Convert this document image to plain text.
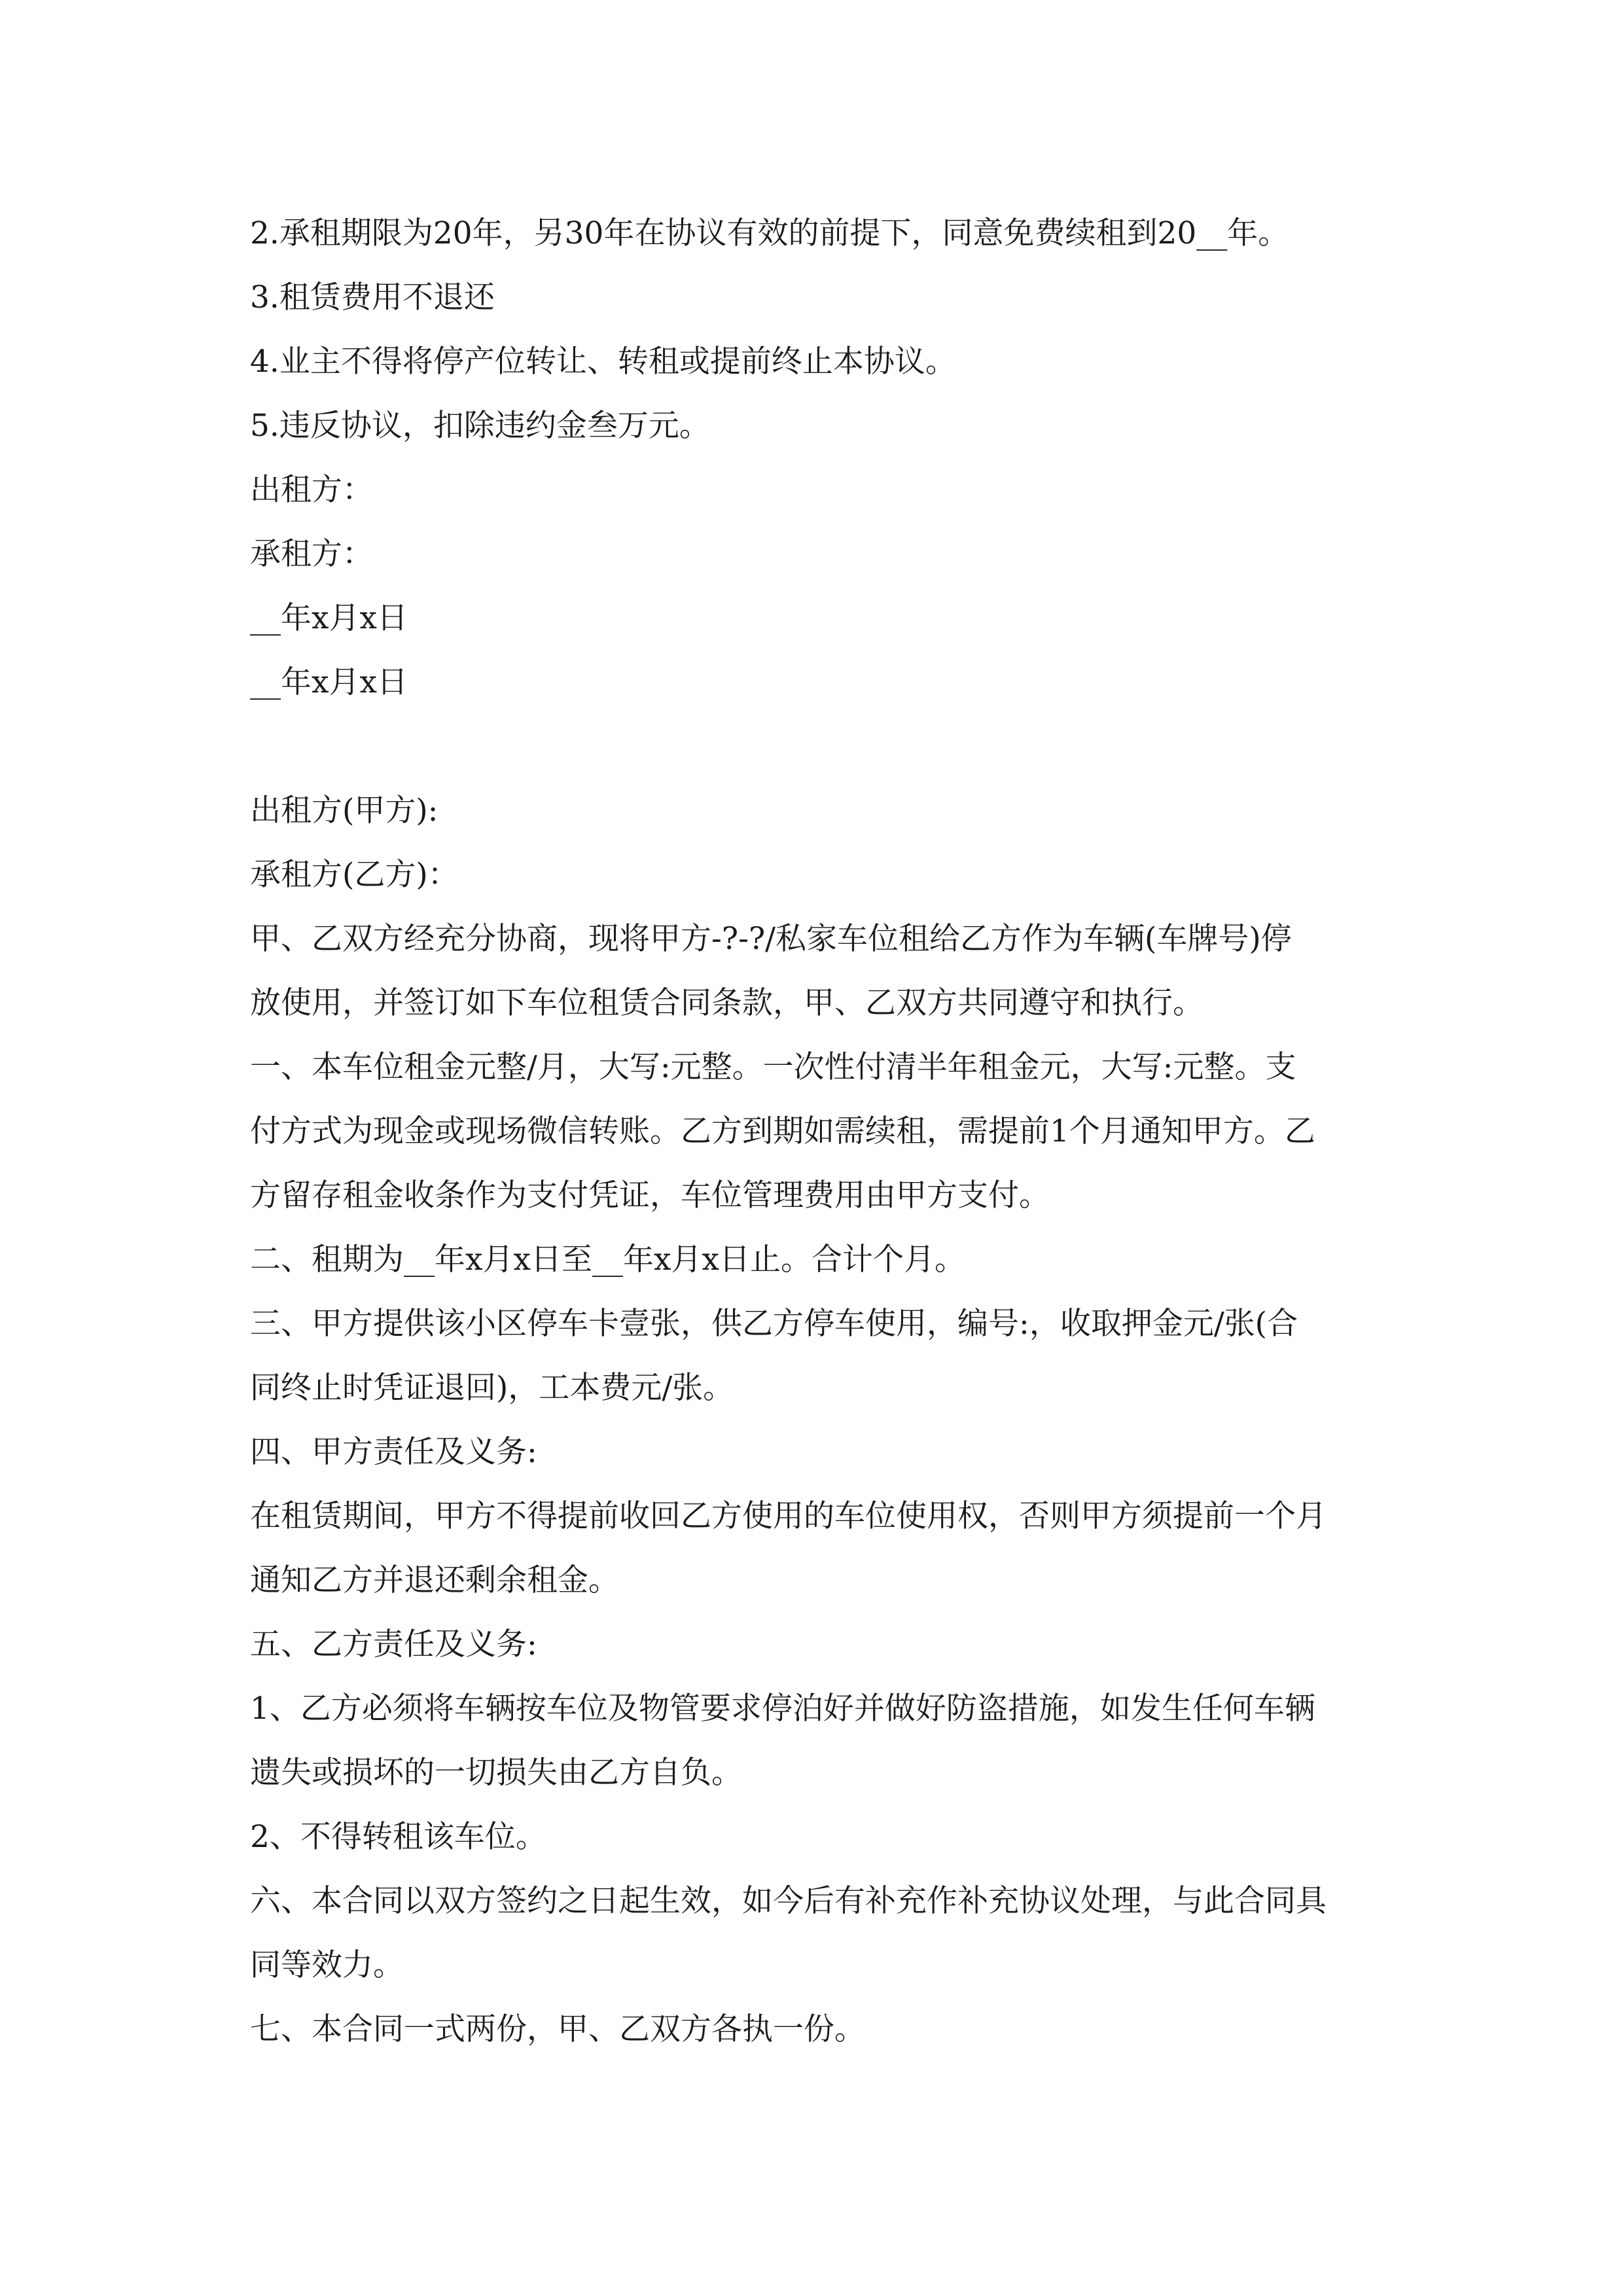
2.承租期限为20年，另30年在协议有效的前提下，同意免费续租到20__年。
3.租赁费用不退还
4.业主不得将停产位转让、转租或提前终止本协议。
5.违反协议，扣除违约金叁万元。
出租方：
承租方：
__年x月x日
__年x月x日
出租方(甲方):
承租方(乙方)：
甲、乙双方经充分协商，现将甲方-?-?/私家车位租给乙方作为车辆(车牌号)停
放使用，并签订如下车位租赁合同条款，甲、乙双方共同遵守和执行。
一、本车位租金元整/月，大写:元整。一次性付清半年租金元，大写:元整。支
付方式为现金或现场微信转账。乙方到期如需续租，需提前1个月通知甲方。乙
方留存租金收条作为支付凭证，车位管理费用由甲方支付。
二、租期为__年x月x日至__年x月x日止。合计个月。
三、甲方提供该小区停车卡壹张，供乙方停车使用，编号:，收取押金元/张(合
同终止时凭证退回)，工本费元/张。
四、甲方责任及义务:
在租赁期间，甲方不得提前收回乙方使用的车位使用权，否则甲方须提前一个月
通知乙方并退还剩余租金。
五、乙方责任及义务:
1、乙方必须将车辆按车位及物管要求停泊好并做好防盗措施，如发生任何车辆
遗失或损坏的一切损失由乙方自负。
2、不得转租该车位。
六、本合同以双方签约之日起生效，如今后有补充作补充协议处理，与此合同具
同等效力。
七、本合同一式两份，甲、乙双方各执一份。
